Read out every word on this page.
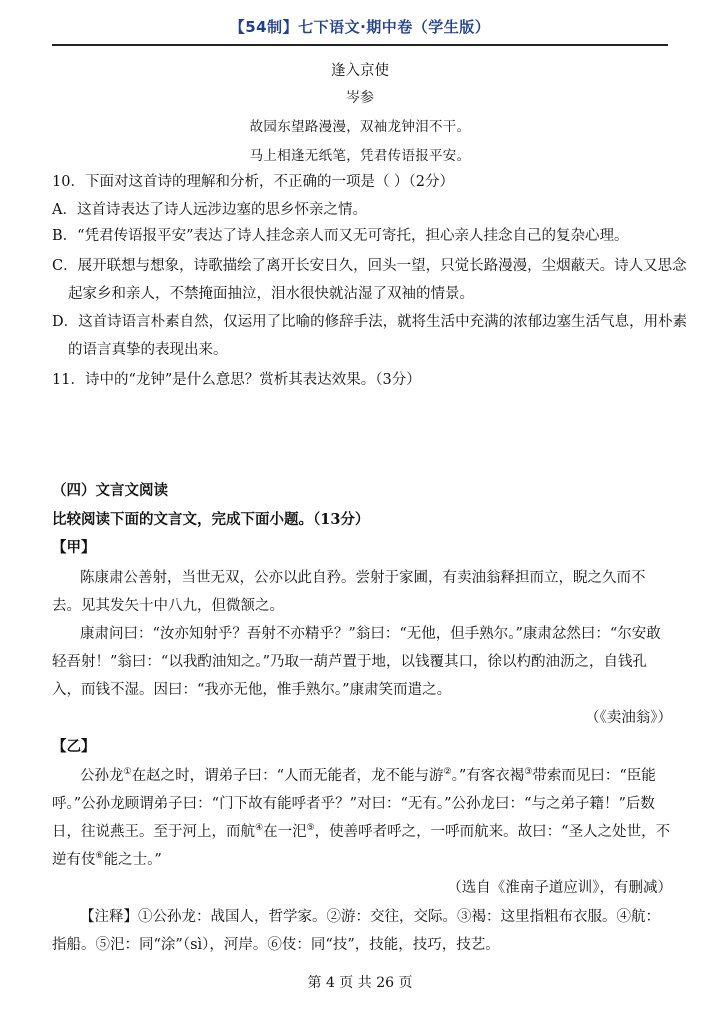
【54制】七下语文·期中卷（学生版）
逢入京使
岑参
故园东望路漫漫，双袖龙钟泪不干。
马上相逢无纸笔，凭君传语报平安。
10．下面对这首诗的理解和分析，不正确的一项是（ ）（2分）
A．这首诗表达了诗人远涉边塞的思乡怀亲之情。
B．“凭君传语报平安”表达了诗人挂念亲人而又无可寄托，担心亲人挂念自己的复杂心理。
C．展开联想与想象，诗歌描绘了离开长安日久，回头一望，只觉长路漫漫，尘烟蔽天。诗人又思念起家乡和亲人，不禁掩面抽泣，泪水很快就沾湿了双袖的情景。
D．这首诗语言朴素自然，仅运用了比喻的修辞手法，就将生活中充满的浓郁边塞生活气息，用朴素的语言真挚的表现出来。
11．诗中的“龙钟”是什么意思？赏析其表达效果。（3分）
（四）文言文阅读
比较阅读下面的文言文，完成下面小题。（13分）
【甲】
陈康肃公善射，当世无双，公亦以此自矜。尝射于家圃，有卖油翁释担而立，睨之久而不去。见其发矢十中八九，但微颔之。
康肃问曰：“汝亦知射乎？吾射不亦精乎？”翁曰：“无他，但手熟尔。”康肃忿然曰：“尔安敢轻吾射！”翁曰：“以我酌油知之。”乃取一葫芦置于地，以钱覆其口，徐以杓酌油沥之，自钱孔入，而钱不湿。因曰：“我亦无他，惟手熟尔。”康肃笑而遣之。
（《卖油翁》）
【乙】
公孙龙①在赵之时，谓弟子曰：“人而无能者，龙不能与游②。”有客衣褐③带索而见曰：“臣能呼。”公孙龙顾谓弟子曰：“门下故有能呼者乎？”对曰：“无有。”公孙龙曰：“与之弟子籍！”后数日，往说燕王。至于河上，而航④在一汜⑤，使善呼者呼之，一呼而航来。故曰：“圣人之处世，不逆有伎⑥能之士。”
（选自《淮南子道应训》，有删减）
【注释】①公孙龙：战国人，哲学家。②游：交往，交际。③褐：这里指粗布衣服。④航：指船。⑤汜：同“涂”（sì），河岸。⑥伎：同“技”，技能，技巧，技艺。
第 4 页 共 26 页
